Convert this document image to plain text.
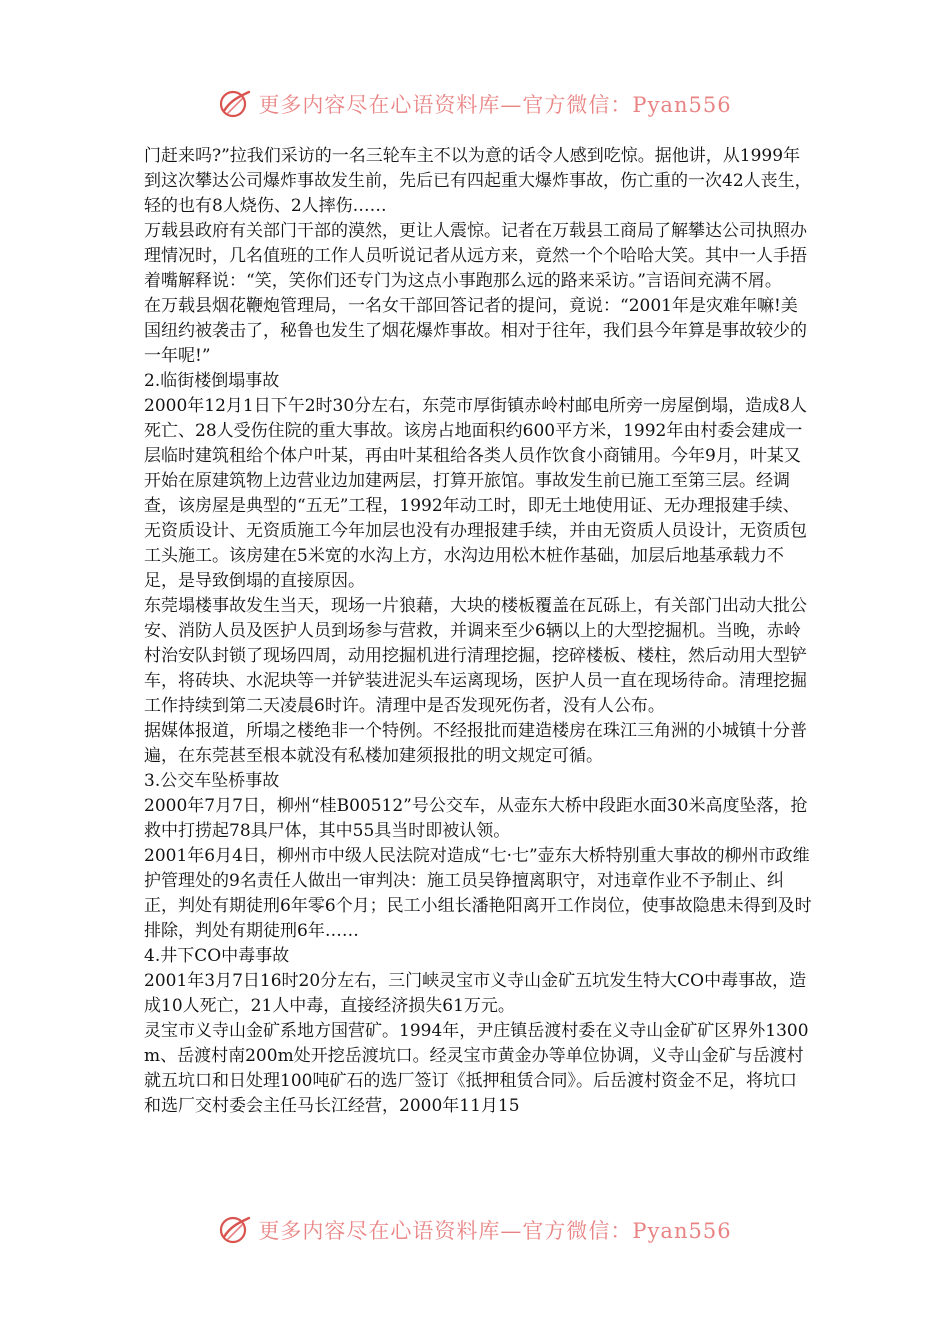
更多内容尽在心语资料库—官方微信：Pyan556

门赶来吗?”拉我们采访的一名三轮车主不以为意的话令人感到吃惊。据他讲，从1999年到这次攀达公司爆炸事故发生前，先后已有四起重大爆炸事故，伤亡重的一次42人丧生，轻的也有8人烧伤、2人摔伤……

万载县政府有关部门干部的漠然，更让人震惊。记者在万载县工商局了解攀达公司执照办理情况时，几名值班的工作人员听说记者从远方来，竟然一个个哈哈大笑。其中一人手捂着嘴解释说：“笑，笑你们还专门为这点小事跑那么远的路来采访。”言语间充满不屑。

在万载县烟花鞭炮管理局，一名女干部回答记者的提问，竟说：“2001年是灾难年嘛!美国纽约被袭击了，秘鲁也发生了烟花爆炸事故。相对于往年，我们县今年算是事故较少的一年呢!”

2.临街楼倒塌事故

2000年12月1日下午2时30分左右，东莞市厚街镇赤岭村邮电所旁一房屋倒塌，造成8人死亡、28人受伤住院的重大事故。该房占地面积约600平方米，1992年由村委会建成一层临时建筑租给个体户叶某，再由叶某租给各类人员作饮食小商铺用。今年9月，叶某又开始在原建筑物上边营业边加建两层，打算开旅馆。事故发生前已施工至第三层。经调查，该房屋是典型的“五无”工程，1992年动工时，即无土地使用证、无办理报建手续、无资质设计、无资质施工今年加层也没有办理报建手续，并由无资质人员设计，无资质包工头施工。该房建在5米宽的水沟上方，水沟边用松木桩作基础，加层后地基承载力不足，是导致倒塌的直接原因。

东莞塌楼事故发生当天，现场一片狼藉，大块的楼板覆盖在瓦砾上，有关部门出动大批公安、消防人员及医护人员到场参与营救，并调来至少6辆以上的大型挖掘机。当晚，赤岭村治安队封锁了现场四周，动用挖掘机进行清理挖掘，挖碎楼板、楼柱，然后动用大型铲车，将砖块、水泥块等一并铲装进泥头车运离现场，医护人员一直在现场待命。清理挖掘工作持续到第二天凌晨6时许。清理中是否发现死伤者，没有人公布。

据媒体报道，所塌之楼绝非一个特例。不经报批而建造楼房在珠江三角洲的小城镇十分普遍，在东莞甚至根本就没有私楼加建须报批的明文规定可循。

3.公交车坠桥事故

2000年7月7日，柳州“桂B00512”号公交车，从壶东大桥中段距水面30米高度坠落，抢救中打捞起78具尸体，其中55具当时即被认领。

2001年6月4日，柳州市中级人民法院对造成“七·七”壶东大桥特别重大事故的柳州市政维护管理处的9名责任人做出一审判决：施工员吴铮擅离职守，对违章作业不予制止、纠正，判处有期徒刑6年零6个月；民工小组长潘艳阳离开工作岗位，使事故隐患未得到及时排除，判处有期徒刑6年……

4.井下CO中毒事故

2001年3月7日16时20分左右，三门峡灵宝市义寺山金矿五坑发生特大CO中毒事故，造成10人死亡，21人中毒，直接经济损失61万元。

灵宝市义寺山金矿系地方国营矿。1994年，尹庄镇岳渡村委在义寺山金矿矿区界外1300m、岳渡村南200m处开挖岳渡坑口。经灵宝市黄金办等单位协调，义寺山金矿与岳渡村就五坑口和日处理100吨矿石的选厂签订《抵押租赁合同》。后岳渡村资金不足，将坑口和选厂交村委会主任马长江经营，2000年11月15

更多内容尽在心语资料库—官方微信：Pyan556
